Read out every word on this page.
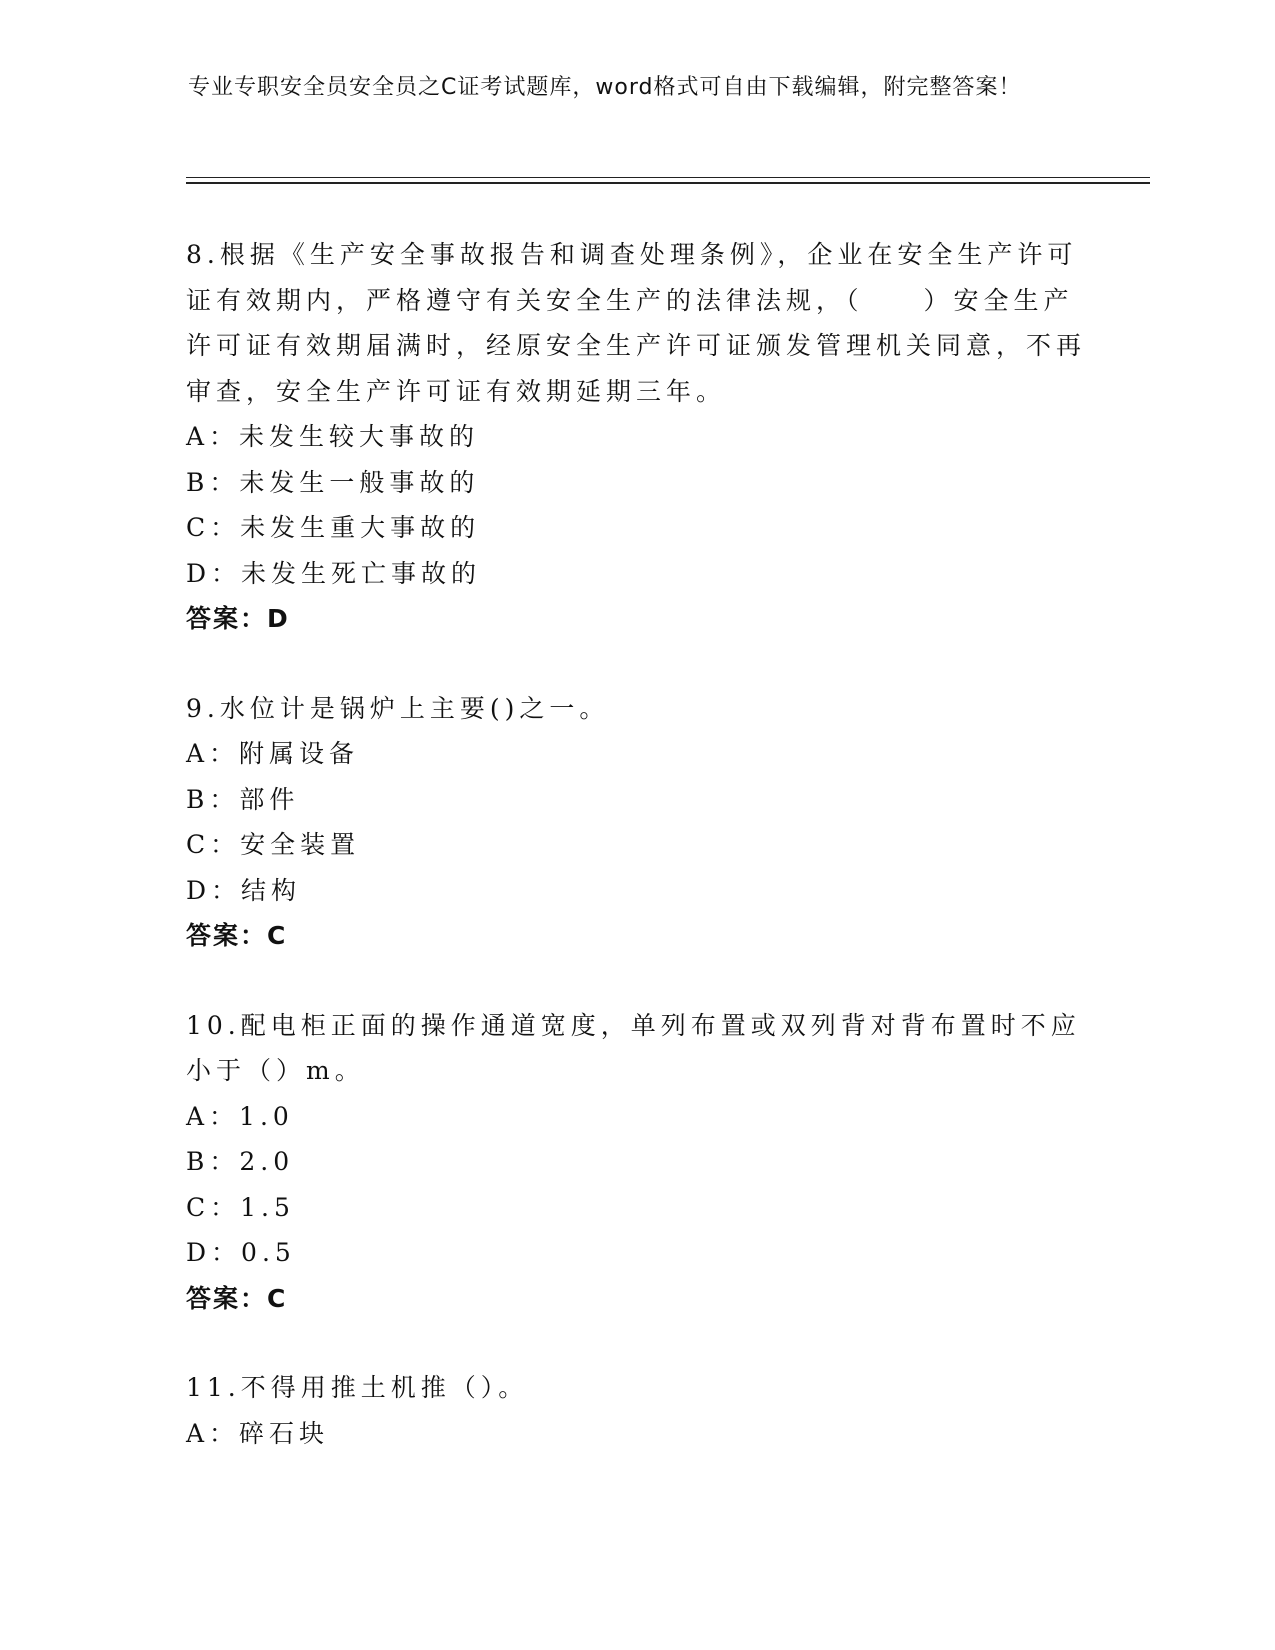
专业专职安全员安全员之C证考试题库，word格式可自由下载编辑，附完整答案！
8.根据《生产安全事故报告和调查处理条例》，企业在安全生产许可证有效期内，严格遵守有关安全生产的法律法规，（　　）安全生产许可证有效期届满时，经原安全生产许可证颁发管理机关同意，不再审查，安全生产许可证有效期延期三年。
A：未发生较大事故的
B：未发生一般事故的
C：未发生重大事故的
D：未发生死亡事故的
答案：D
9.水位计是锅炉上主要()之一。
A：附属设备
B：部件
C：安全装置
D：结构
答案：C
10.配电柜正面的操作通道宽度，单列布置或双列背对背布置时不应小于（）m。
A：1.0
B：2.0
C：1.5
D：0.5
答案：C
11.不得用推土机推（）。
A：碎石块
